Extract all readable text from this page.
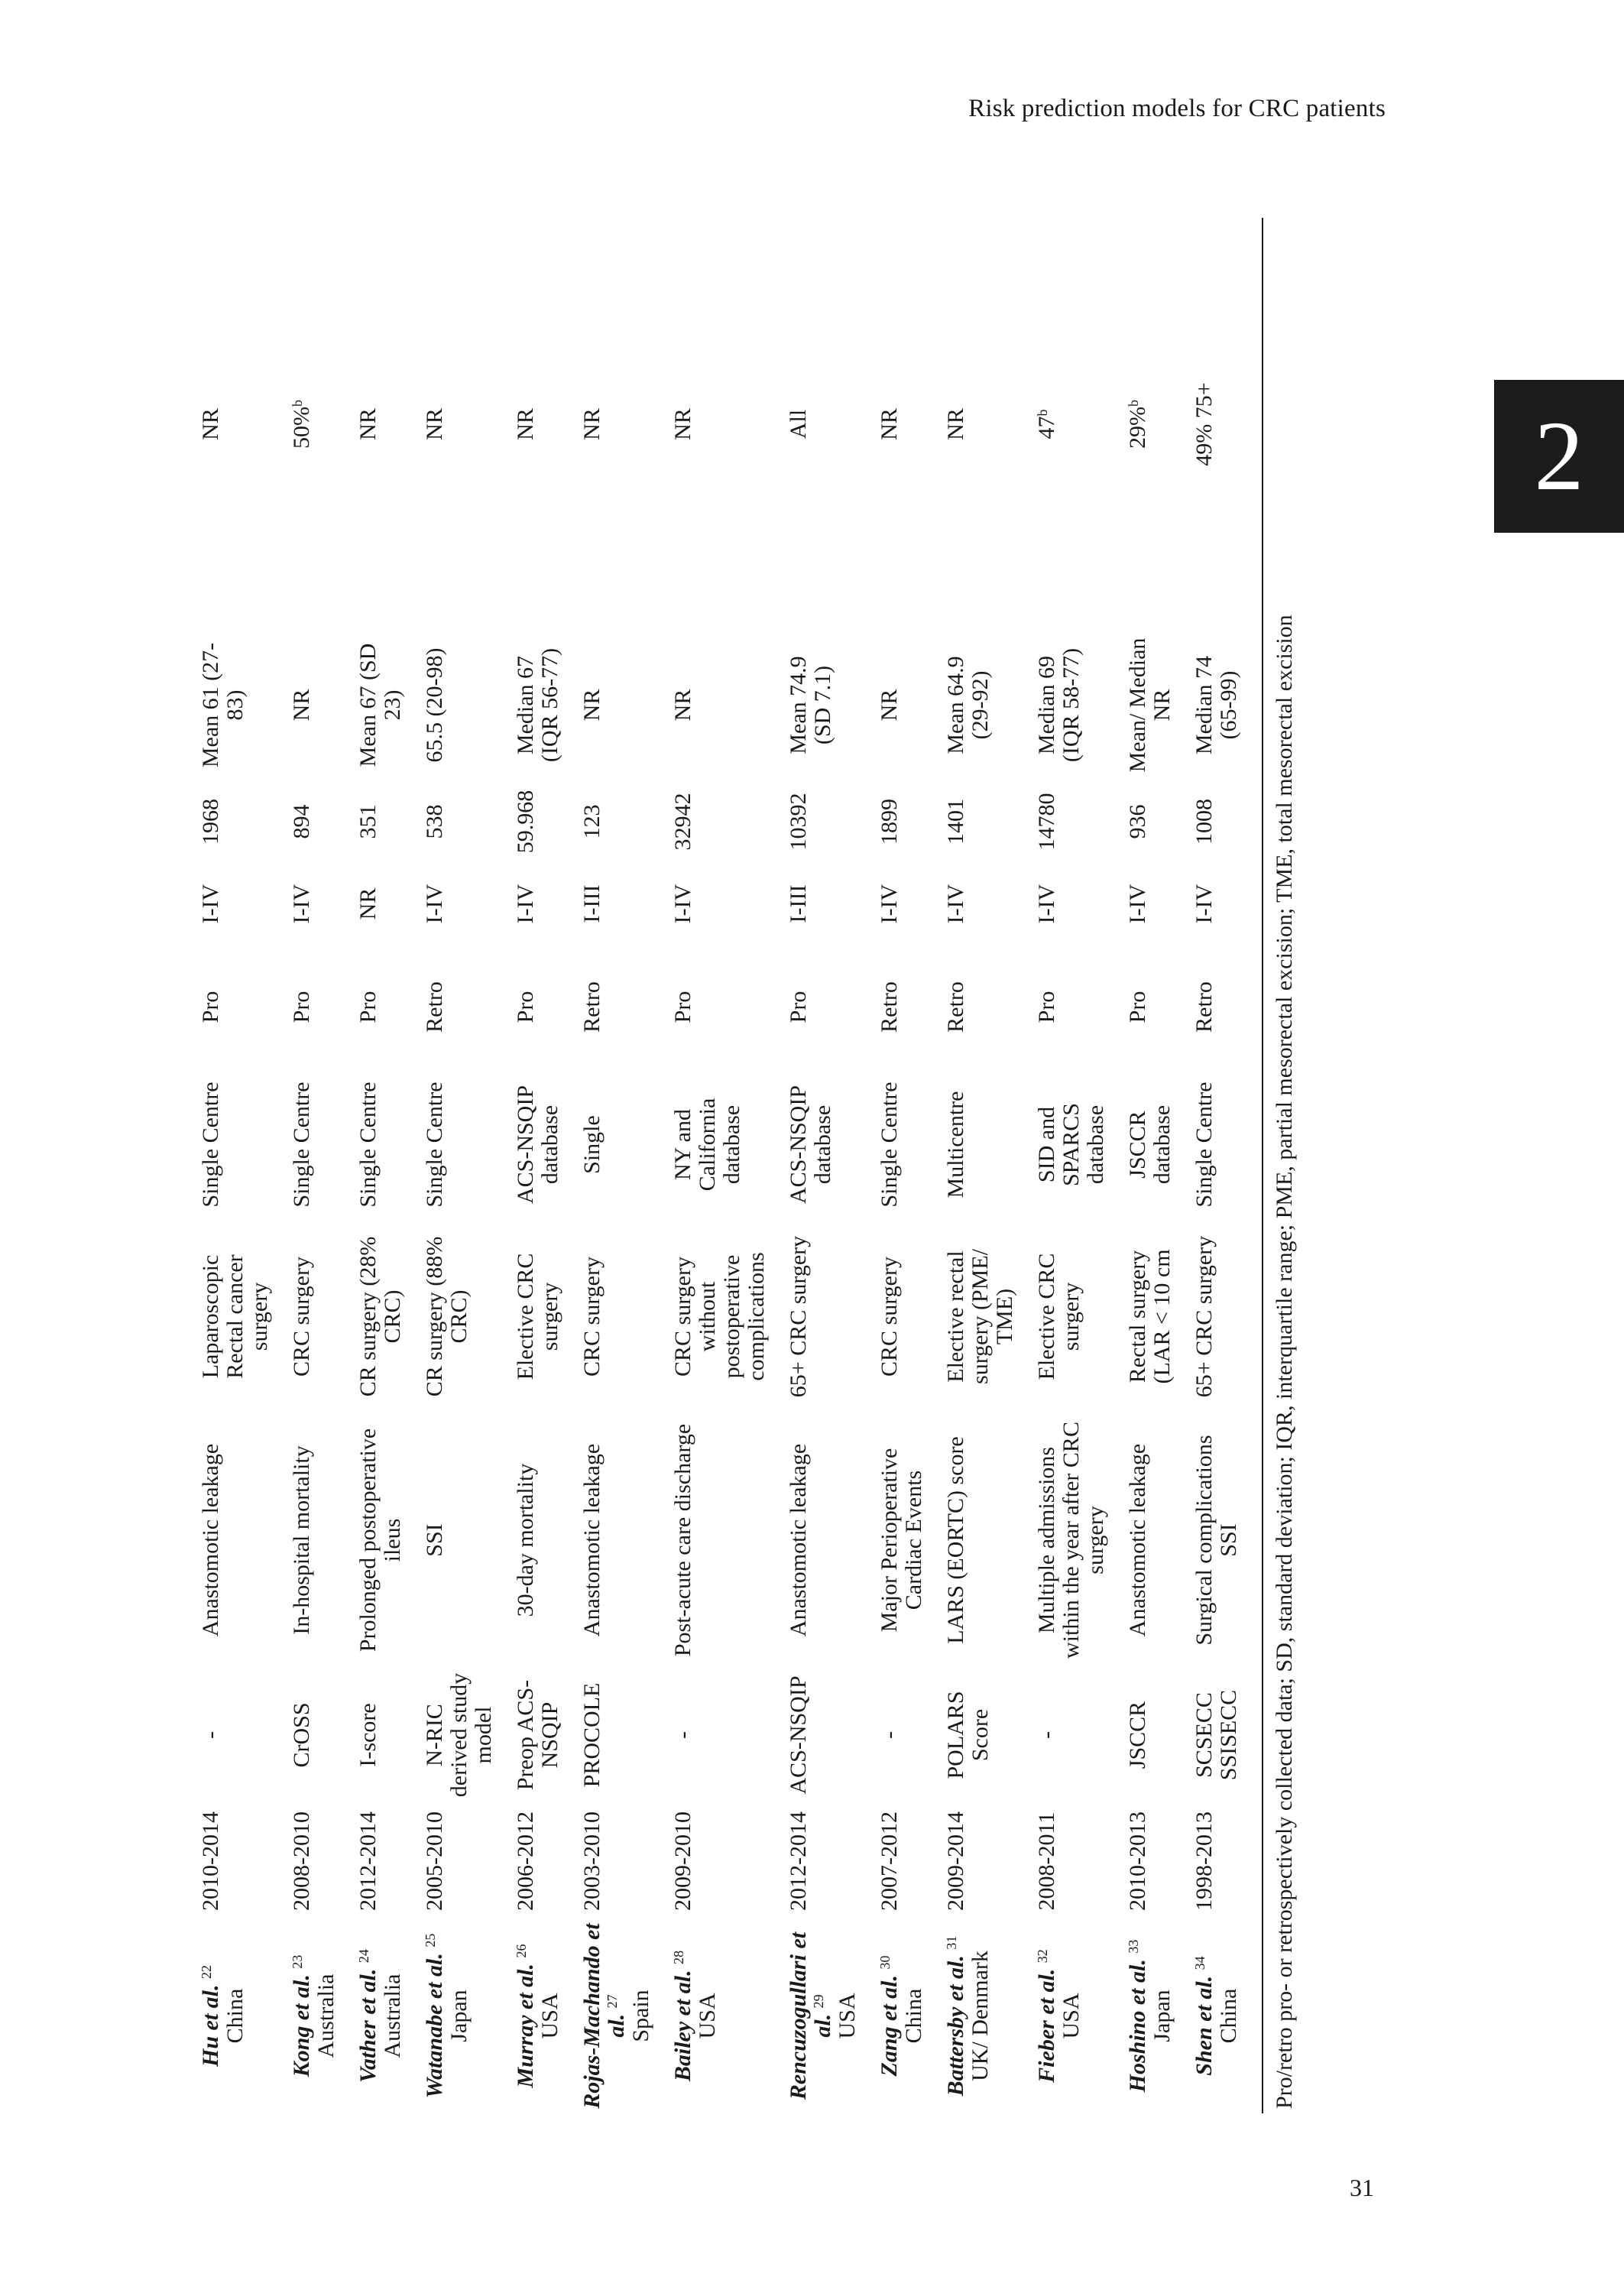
Risk prediction models for CRC patients
2
Hu et al. $^{22}$
China	2010-2014	-	Anastomotic leakage	Laparoscopic Rectal cancer surgery	Single Centre	Pro	I-IV	1968	Mean 61 (27-83)	NR
Kong et al. $^{23}$
Australia	2008-2010	CrOSS	In-hospital mortality	CRC surgery	Single Centre	Pro	I-IV	894	NR	50%$^b$
Vather et al. $^{24}$
Australia	2012-2014	I-score	Prolonged postoperative ileus	CR surgery (28% CRC)	Single Centre	Pro	NR	351	Mean 67 (SD 23)	NR
Watanabe et al. $^{25}$
Japan	2005-2010	N-RIC derived study model	SSI	CR surgery (88% CRC)	Single Centre	Retro	I-IV	538	65.5 (20-98)	NR
Murray et al. $^{26}$
USA	2006-2012	Preop ACS-NSQIP	30-day mortality	Elective CRC surgery	ACS-NSQIP database	Pro	I-IV	59.968	Median 67 (IQR 56-77)	NR
Rojas-Machando et al. $^{27}$ Spain	2003-2010	PROCOLE	Anastomotic leakage	CRC surgery	Single	Retro	I-III	123	NR	NR
Bailey et al. $^{28}$
USA	2009-2010	-	Post-acute care discharge	CRC surgery without postoperative complications	NY and California database	Pro	I-IV	32942	NR	NR
Rencuzogullari et al. $^{29}$ USA	2012-2014	ACS-NSQIP	Anastomotic leakage	65+ CRC surgery	ACS-NSQIP database	Pro	I-III	10392	Mean 74.9 (SD 7.1)	All
Zang et al. $^{30}$
China	2007-2012	-	Major Perioperative Cardiac Events	CRC surgery	Single Centre	Retro	I-IV	1899	NR	NR
Battersby et al. $^{31}$
UK/ Denmark	2009-2014	POLARS Score	LARS (EORTC) score	Elective rectal surgery (PME/ TME)	Multicentre	Retro	I-IV	1401	Mean 64.9 (29-92)	NR
Fieber et al. $^{32}$
USA	2008-2011	-	Multiple admissions within the year after CRC surgery	Elective CRC surgery	SID and SPARCS database	Pro	I-IV	14780	Median 69 (IQR 58-77)	47$^b$
Hoshino et al. $^{33}$
Japan	2010-2013	JSCCR	Anastomotic leakage	Rectal surgery (LAR < 10 cm	JSCCR database	Pro	I-IV	936	Mean/ Median NR	29%$^b$
Shen et al. $^{34}$
China	1998-2013	SCSECC SSISECC	Surgical complications SSI	65+ CRC surgery	Single Centre	Retro	I-IV	1008	Median 74 (65-99)	49% 75+
Pro/retro pro- or retrospectively collected data; SD, standard deviation; IQR, interquartile range; PME, partial mesorectal excision; TME, total mesorectal excision
31
